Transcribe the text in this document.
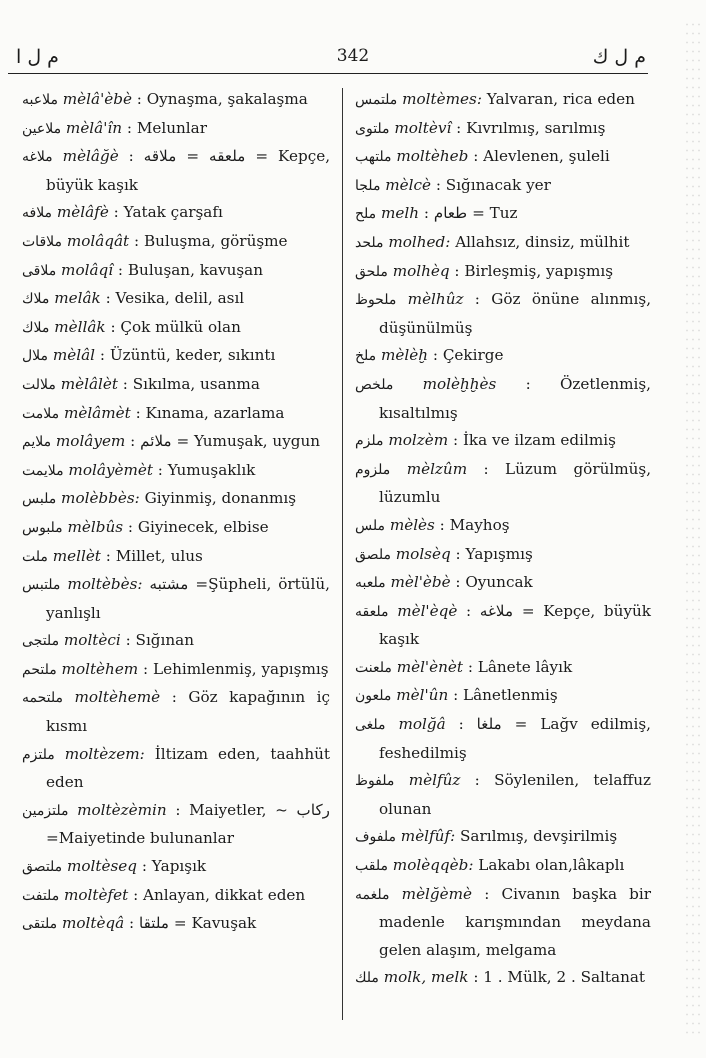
م ل ا	342	م ل ك

ملاعبه mèlâ'èbè : Oynaşma, şakalaşma

ملاعين mèlâ'în : Melunlar

ملاغه mèlâğè : ملعقه = ملاقه = Kepçe, büyük kaşık

ملافه mèlâfè : Yatak çarşafı

ملاقات molâqât : Buluşma, görüşme

ملاقى molâqî : Buluşan, kavuşan

ملاك melâk : Vesika, delil, asıl

ملاك mèllâk : Çok mülkü olan

ملال mèlâl : Üzüntü, keder, sıkıntı

ملالت mèlâlèt : Sıkılma, usanma

ملامت mèlâmèt : Kınama, azarlama

ملايم molâyem : ملائم = Yumuşak, uygun

ملايمت molâyèmèt : Yumuşaklık

ملبس molèbbès: Giyinmiş, donanmış

ملبوس mèlbûs : Giyinecek, elbise

ملت mellèt : Millet, ulus

ملتبس moltèbès: مشتبه =Şüpheli, örtülü, yanlışlı

ملتجى moltèci : Sığınan

ملتحم moltèhem : Lehimlenmiş, yapışmış

ملتحمه moltèhemè : Göz kapağının iç kısmı

ملتزم moltèzem: İltizam eden, taahhüt eden

ملتزمين moltèzèmin : Maiyetler, ~ ركاب =Maiyetinde bulunanlar

ملتصق moltèseq : Yapışık

ملتفت moltèfet : Anlayan, dikkat eden

ملتقى moltèqâ : ملتقا = Kavuşak

ملتمس moltèmes: Yalvaran, rica eden

ملتوى moltèvî : Kıvrılmış, sarılmış

ملتهب moltèheb : Alevlenen, şuleli

ملجا mèlcè : Sığınacak yer

ملح melh : طعام = Tuz

ملحد molhed: Allahsız, dinsiz, mülhit

ملحق molhèq : Birleşmiş, yapışmış

ملحوظ mèlhûz : Göz önüne alınmış, düşünülmüş

ملخ mèlèḫ : Çekirge

ملخص molèḫḫès : Özetlenmiş, kısaltılmış

ملزم molzèm : İka ve ilzam edilmiş

ملزوم mèlzûm : Lüzum görülmüş, lüzumlu

ملس mèlès : Mayhoş

ملصق molsèq : Yapışmış

ملعبه mèl'èbè : Oyuncak

ملعقه mèl'èqè : ملاغه = Kepçe, büyük kaşık

ملعنت mèl'ènèt : Lânete lâyık

ملعون mèl'ûn : Lânetlenmiş

ملغى molğâ : ملغا = Lağv edilmiş, feshedilmiş

ملفوظ mèlfûz : Söylenilen, telaffuz olunan

ملفوف mèlfûf: Sarılmış, devşirilmiş

ملقب molèqqèb: Lakabı olan,lâkaplı

ملغمه mèlğèmè : Civanın başka bir madenle karışmından meydana gelen alaşım, melgama

ملك molk, melk : 1 . Mülk, 2 . Saltanat
